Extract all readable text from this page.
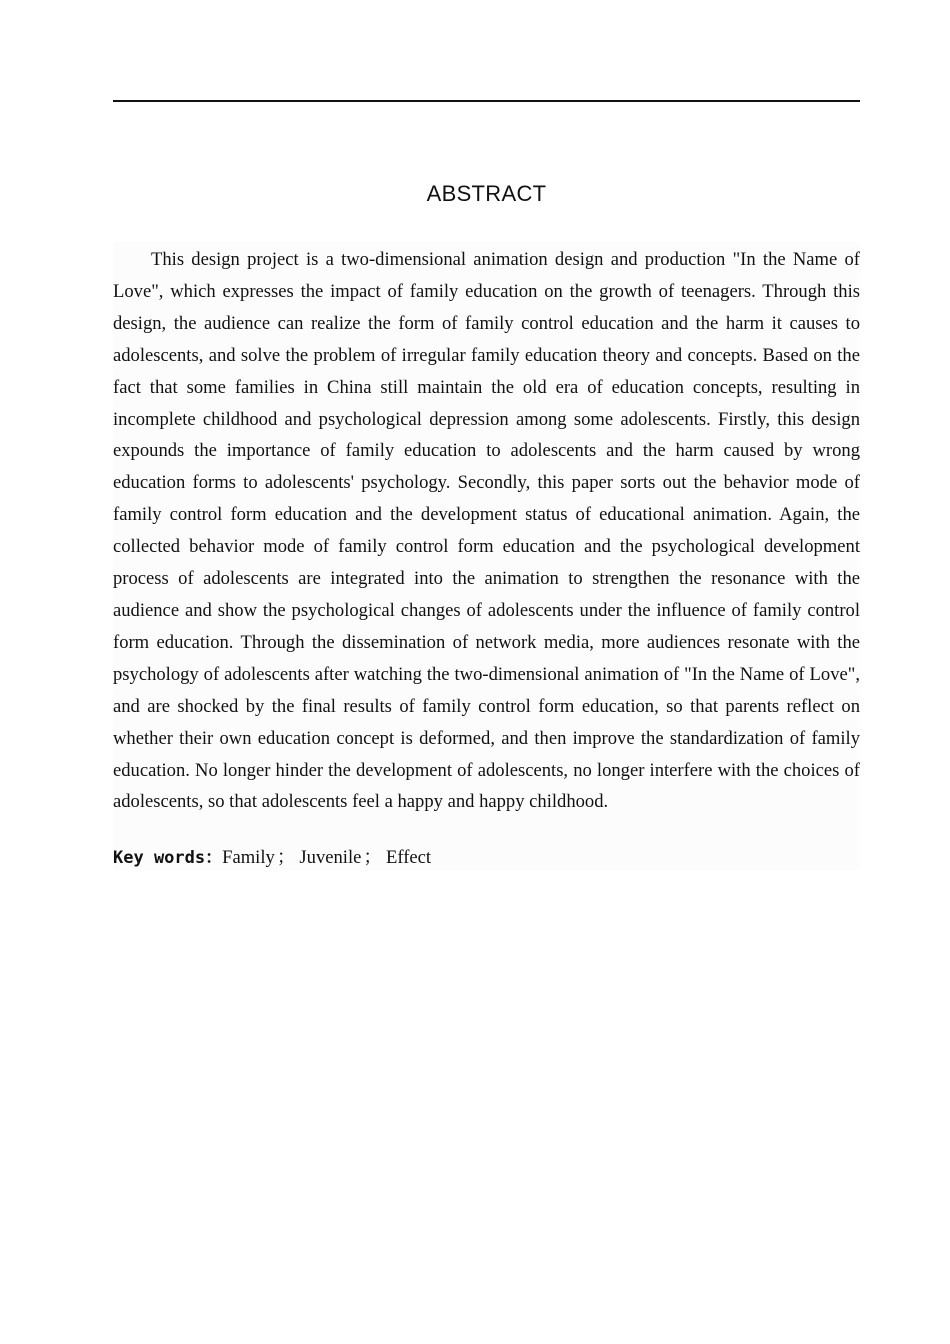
ABSTRACT

This design project is a two-dimensional animation design and production "In the Name of Love", which expresses the impact of family education on the growth of teenagers. Through this design, the audience can realize the form of family control education and the harm it causes to adolescents, and solve the problem of irregular family education theory and concepts. Based on the fact that some families in China still maintain the old era of education concepts, resulting in incomplete childhood and psychological depression among some adolescents. Firstly, this design expounds the importance of family education to adolescents and the harm caused by wrong education forms to adolescents' psychology. Secondly, this paper sorts out the behavior mode of family control form education and the development status of educational animation. Again, the collected behavior mode of family control form education and the psychological development process of adolescents are integrated into the animation to strengthen the resonance with the audience and show the psychological changes of adolescents under the influence of family control form education. Through the dissemination of network media, more audiences resonate with the psychology of adolescents after watching the two-dimensional animation of "In the Name of Love", and are shocked by the final results of family control form education, so that parents reflect on whether their own education concept is deformed, and then improve the standardization of family education. No longer hinder the development of adolescents, no longer interfere with the choices of adolescents, so that adolescents feel a happy and happy childhood.

Key words：Family ； Juvenile ； Effect
